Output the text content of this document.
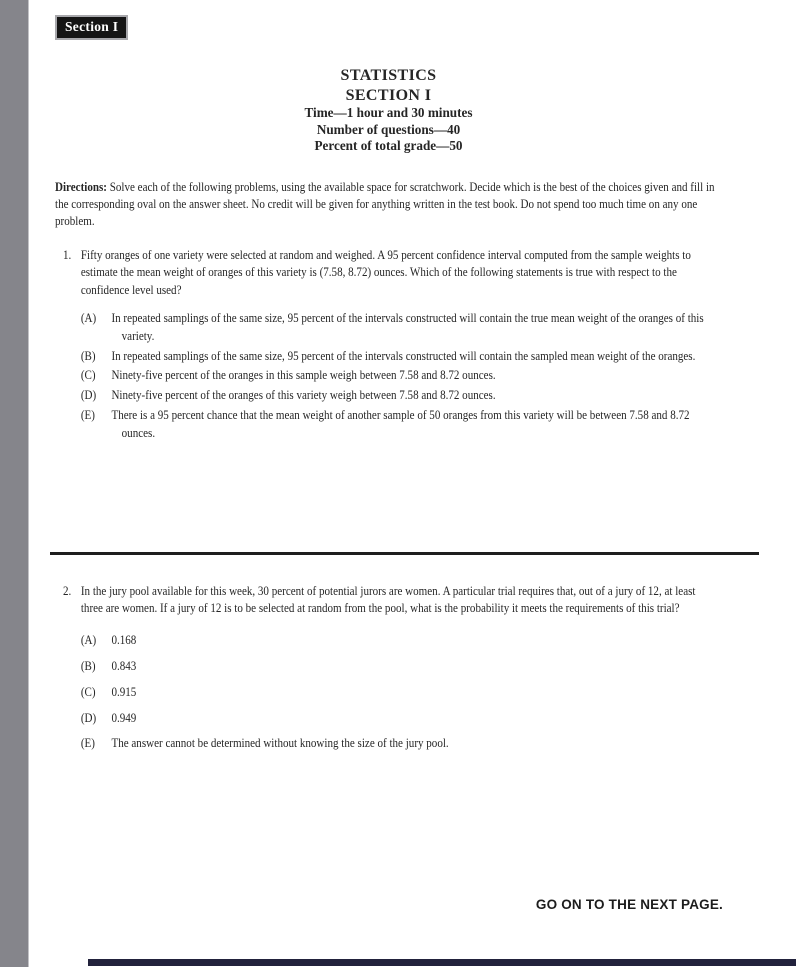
Section I
STATISTICS
SECTION I
Time—1 hour and 30 minutes
Number of questions—40
Percent of total grade—50

Directions: Solve each of the following problems, using the available space for scratchwork. Decide which is the best of the choices given and fill in the corresponding oval on the answer sheet. No credit will be given for anything written in the test book. Do not spend too much time on any one problem.

1. Fifty oranges of one variety were selected at random and weighed. A 95 percent confidence interval computed from the sample weights to estimate the mean weight of oranges of this variety is (7.58, 8.72) ounces. Which of the following statements is true with respect to the confidence level used?
(A)	In repeated samplings of the same size, 95 percent of the intervals constructed will contain the true mean weight of the oranges of this variety.
(B)	In repeated samplings of the same size, 95 percent of the intervals constructed will contain the sampled mean weight of the oranges.
(C)	Ninety-five percent of the oranges in this sample weigh between 7.58 and 8.72 ounces.
(D)	Ninety-five percent of the oranges of this variety weigh between 7.58 and 8.72 ounces.
(E)	There is a 95 percent chance that the mean weight of another sample of 50 oranges from this variety will be between 7.58 and 8.72 ounces.
2. In the jury pool available for this week, 30 percent of potential jurors are women. A particular trial requires that, out of a jury of 12, at least three are women. If a jury of 12 is to be selected at random from the pool, what is the probability it meets the requirements of this trial?
(A)	0.168
(B)	0.843
(C)	0.915
(D)	0.949
(E)	The answer cannot be determined without knowing the size of the jury pool.
GO ON TO THE NEXT PAGE.
